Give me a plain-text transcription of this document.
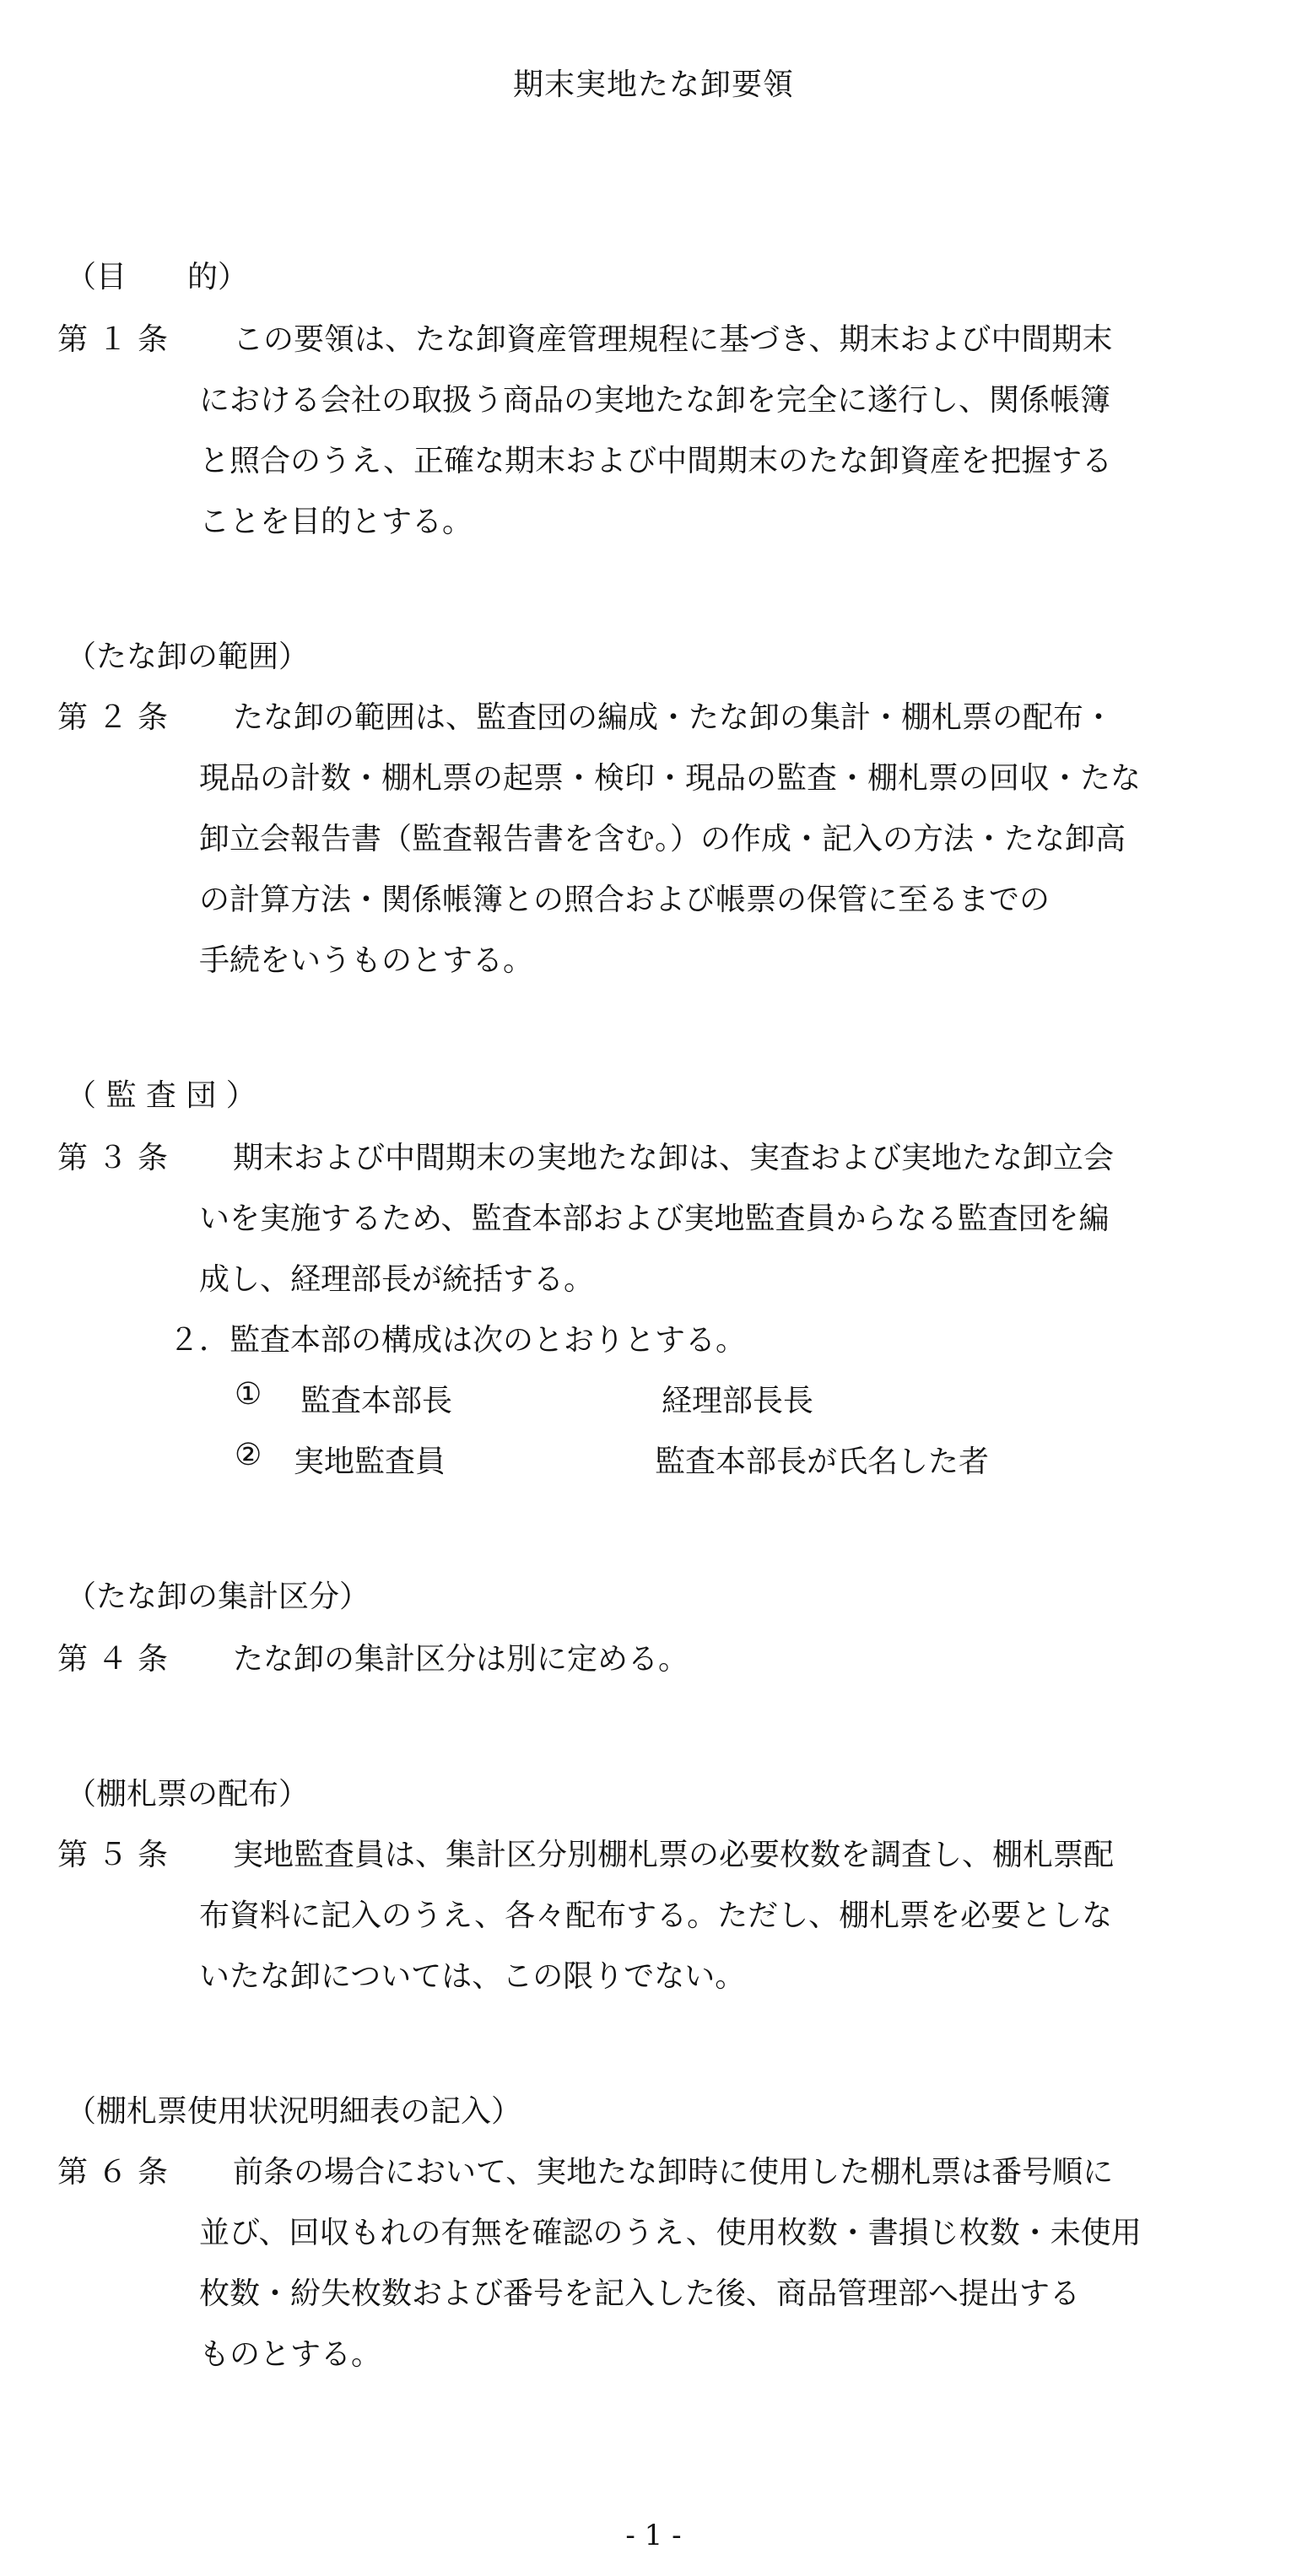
期末実地たな卸要領
（目　　的）
第 １ 条 この要領は、たな卸資産管理規程に基づき、期末および中間期末
における会社の取扱う商品の実地たな卸を完全に遂行し、関係帳簿
と照合のうえ、正確な期末および中間期末のたな卸資産を把握する
ことを目的とする。
（たな卸の範囲）
第 ２ 条 たな卸の範囲は、監査団の編成・たな卸の集計・棚札票の配布・
現品の計数・棚札票の起票・検印・現品の監査・棚札票の回収・たな
卸立会報告書（監査報告書を含む。）の作成・記入の方法・たな卸高
の計算方法・関係帳簿との照合および帳票の保管に至るまでの
手続をいうものとする。
（ 監 査 団 ）
第 ３ 条 期末および中間期末の実地たな卸は、実査および実地たな卸立会
いを実施するため、監査本部および実地監査員からなる監査団を編
成し、経理部長が統括する。
２．監査本部の構成は次のとおりとする。
① 監査本部長	経理部長長
② 実地監査員	監査本部長が氏名した者
（たな卸の集計区分）
第 ４ 条 たな卸の集計区分は別に定める。
（棚札票の配布）
第 ５ 条 実地監査員は、集計区分別棚札票の必要枚数を調査し、棚札票配
布資料に記入のうえ、各々配布する。ただし、棚札票を必要としな
いたな卸については、この限りでない。
（棚札票使用状況明細表の記入）
第 ６ 条 前条の場合において、実地たな卸時に使用した棚札票は番号順に
並び、回収もれの有無を確認のうえ、使用枚数・書損じ枚数・未使用
枚数・紛失枚数および番号を記入した後、商品管理部へ提出する
ものとする。
- 1 -
